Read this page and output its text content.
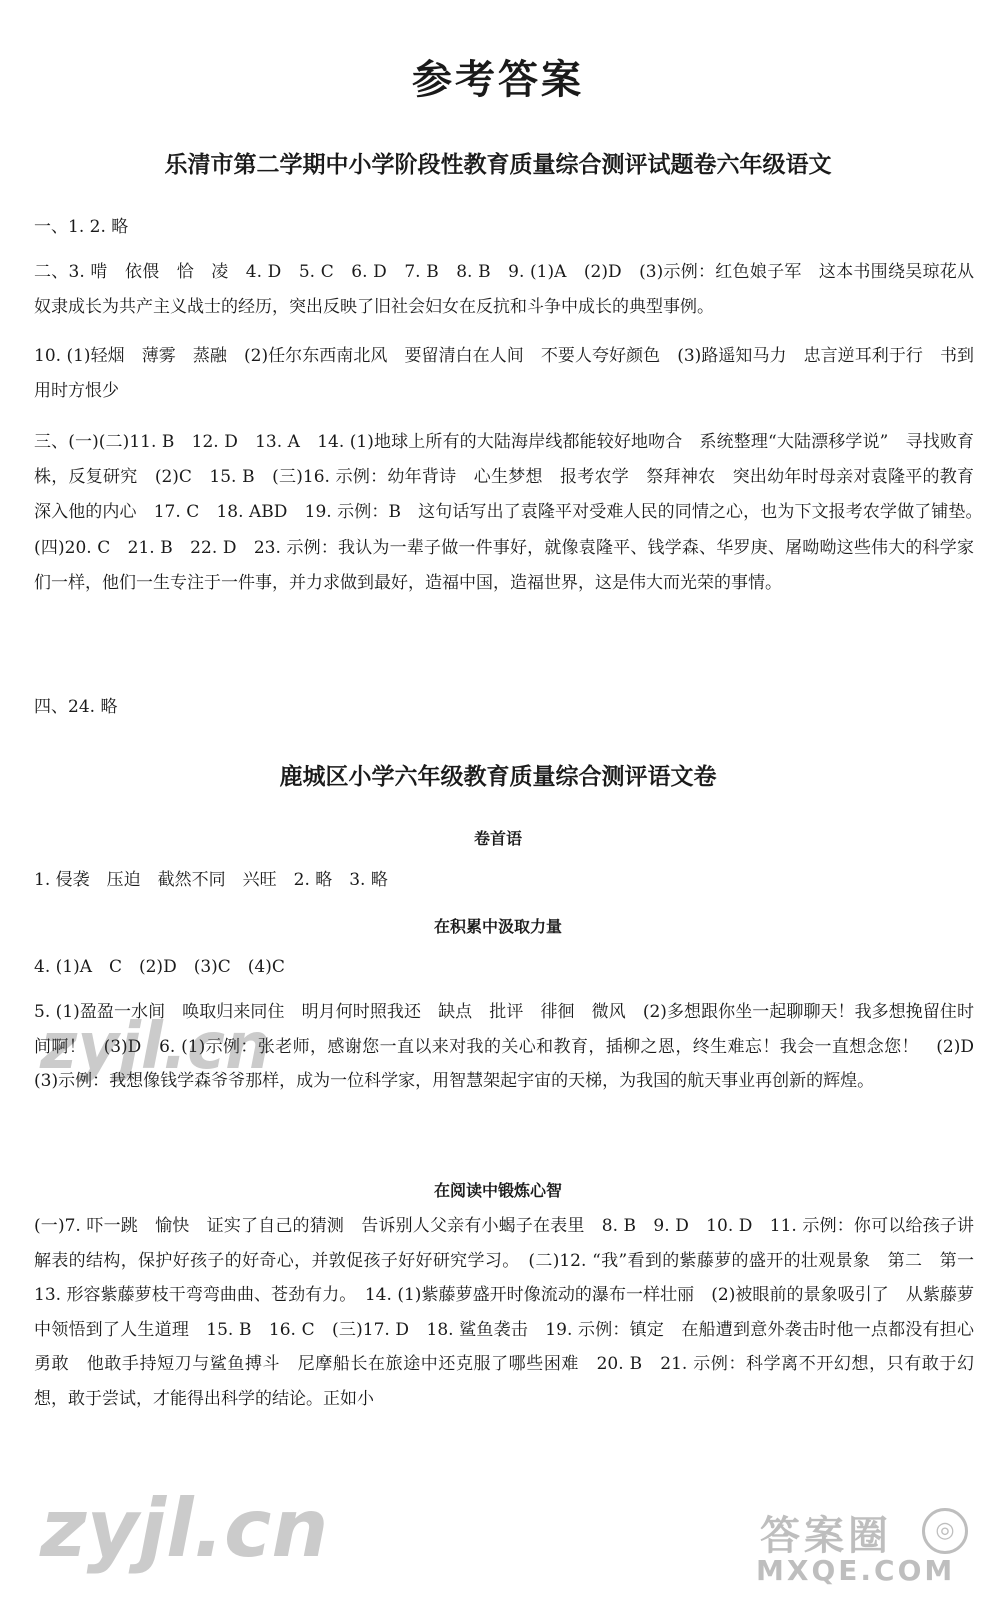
参考答案
乐清市第二学期中小学阶段性教育质量综合测评试题卷六年级语文

一、1. 2. 略

二、3. 啃　依偎　恰　凌　4. D　5. C　6. D　7. B　8. B　9. (1)A　(2)D　(3)示例：红色娘子军　这本书围绕吴琼花从奴隶成长为共产主义战士的经历，突出反映了旧社会妇女在反抗和斗争中成长的典型事例。

10. (1)轻烟　薄雾　蒸融　(2)任尔东西南北风　要留清白在人间　不要人夸好颜色　(3)路遥知马力　忠言逆耳利于行　书到用时方恨少

三、(一)(二)11. B　12. D　13. A　14. (1)地球上所有的大陆海岸线都能较好地吻合　系统整理“大陆漂移学说”　寻找败育株，反复研究　(2)C　15. B　(三)16. 示例：幼年背诗　心生梦想　报考农学　祭拜神农　突出幼年时母亲对袁隆平的教育深入他的内心　17. C　18. ABD　19. 示例：B　这句话写出了袁隆平对受难人民的同情之心，也为下文报考农学做了铺垫。　(四)20. C　21. B　22. D　23. 示例：我认为一辈子做一件事好，就像袁隆平、钱学森、华罗庚、屠呦呦这些伟大的科学家们一样，他们一生专注于一件事，并力求做到最好，造福中国，造福世界，这是伟大而光荣的事情。

四、24. 略

鹿城区小学六年级教育质量综合测评语文卷
卷首语

1. 侵袭　压迫　截然不同　兴旺　2. 略　3. 略

在积累中汲取力量

4. (1)A　C　(2)D　(3)C　(4)C

5. (1)盈盈一水间　唤取归来同住　明月何时照我还　缺点　批评　徘徊　微风　(2)多想跟你坐一起聊聊天！我多想挽留住时间啊！　(3)D　6. (1)示例：张老师，感谢您一直以来对我的关心和教育，插柳之恩，终生难忘！我会一直想念您！　(2)D　(3)示例：我想像钱学森爷爷那样，成为一位科学家，用智慧架起宇宙的天梯，为我国的航天事业再创新的辉煌。

在阅读中锻炼心智

(一)7. 吓一跳　愉快　证实了自己的猜测　告诉别人父亲有小蝎子在表里　8. B　9. D　10. D　11. 示例：你可以给孩子讲解表的结构，保护好孩子的好奇心，并敦促孩子好好研究学习。　(二)12. “我”看到的紫藤萝的盛开的壮观景象　第二　第一　13. 形容紫藤萝枝干弯弯曲曲、苍劲有力。　14. (1)紫藤萝盛开时像流动的瀑布一样壮丽　(2)被眼前的景象吸引了　从紫藤萝中领悟到了人生道理　15. B　16. C　(三)17. D　18. 鲨鱼袭击　19. 示例：镇定　在船遭到意外袭击时他一点都没有担心　勇敢　他敢手持短刀与鲨鱼搏斗　尼摩船长在旅途中还克服了哪些困难　20. B　21. 示例：科学离不开幻想，只有敢于幻想，敢于尝试，才能得出科学的结论。正如小

zyjl.cn
zyjl.cn	答案圈	◎
MXQE.COM
